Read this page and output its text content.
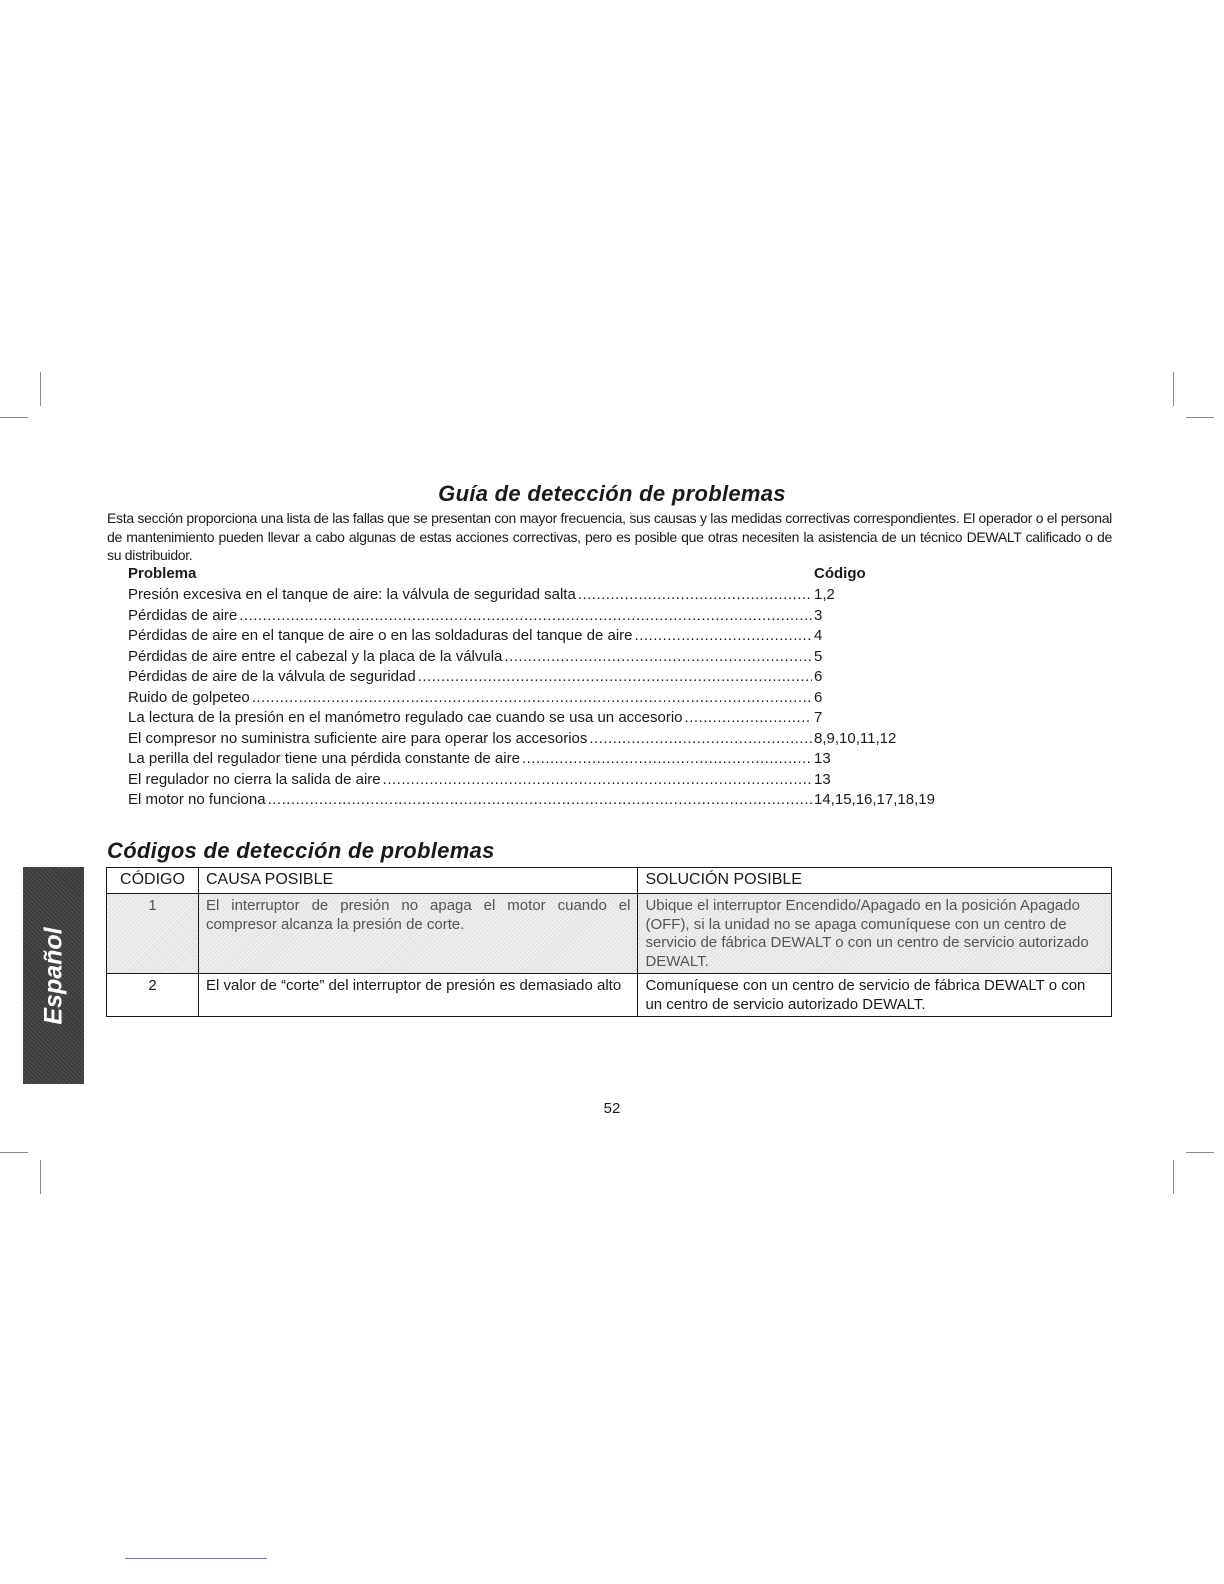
Guía de detección de problemas

Esta sección proporciona una lista de las fallas que se presentan con mayor frecuencia, sus causas y las medidas correctivas correspondientes. El operador o el personal de mantenimiento pueden llevar a cabo algunas de estas acciones correctivas, pero es posible que otras necesiten la asistencia de un técnico DEWALT calificado o de su distribuidor.

Problema	Código
Presión excesiva en el tanque de aire: la válvula de seguridad salta .....	1,2
Pérdidas de aire .....	3
Pérdidas de aire en el tanque de aire o en las soldaduras del tanque de aire .....	4
Pérdidas de aire entre el cabezal y la placa de la válvula .....	5
Pérdidas de aire de la válvula de seguridad .....	6
Ruido de golpeteo .....	6
La lectura de la presión en el manómetro regulado cae cuando se usa un accesorio .....	7
El compresor no suministra suficiente aire para operar los accesorios .....	8,9,10,11,12
La perilla del regulador tiene una pérdida constante de aire .....	13
El regulador no cierra la salida de aire .....	13
El motor no funciona .....	14,15,16,17,18,19
Códigos de detección de problemas
CÓDIGO	CAUSA POSIBLE	SOLUCIÓN POSIBLE
1	El interruptor de presión no apaga el motor cuando el compresor alcanza la presión de corte.	Ubique el interruptor Encendido/Apagado en la posición Apagado (OFF), si la unidad no se apaga comuníquese con un centro de servicio de fábrica DEWALT o con un centro de servicio autorizado DEWALT.
2	El valor de “corte” del interruptor de presión es demasiado alto	Comuníquese con un centro de servicio de fábrica DEWALT o con un centro de servicio autorizado DEWALT.
Español
52
